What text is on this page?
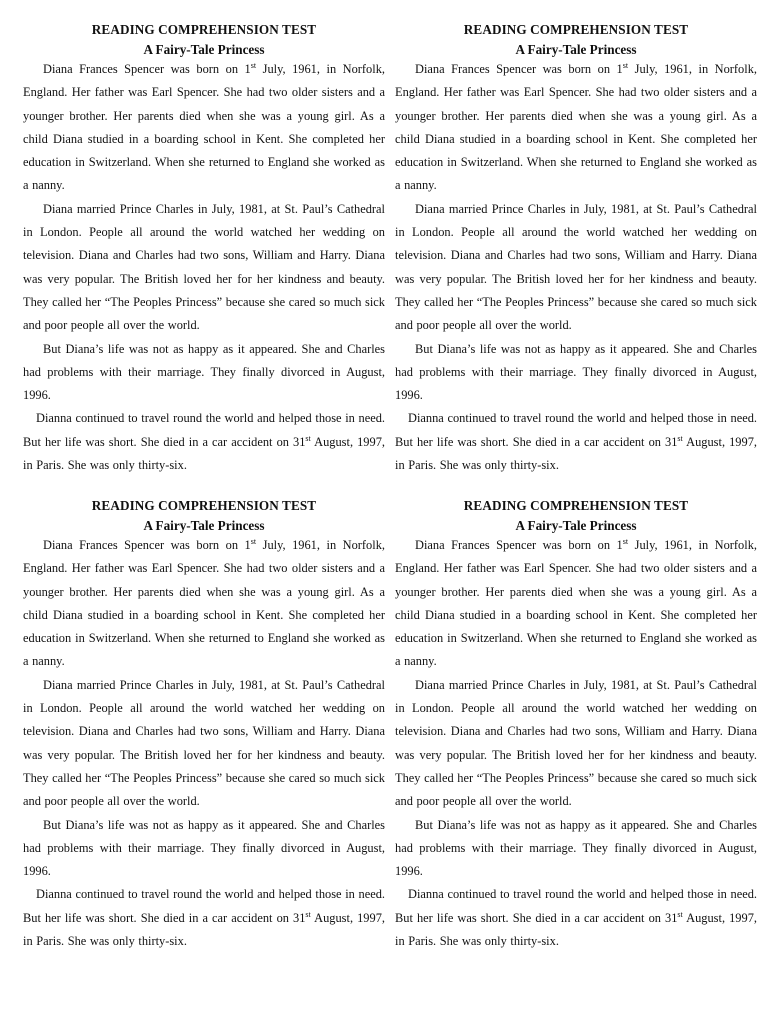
READING COMPREHENSION TEST
A Fairy-Tale Princess

Diana Frances Spencer was born on 1st July, 1961, in Norfolk, England. Her father was Earl Spencer. She had two older sisters and a younger brother. Her parents died when she was a young girl. As a child Diana studied in a boarding school in Kent. She completed her education in Switzerland. When she returned to England she worked as a nanny.

Diana married Prince Charles in July, 1981, at St. Paul’s Cathedral in London. People all around the world watched her wedding on television. Diana and Charles had two sons, William and Harry. Diana was very popular. The British loved her for her kindness and beauty. They called her “The Peoples Princess” because she cared so much sick and poor people all over the world.

But Diana’s life was not as happy as it appeared. She and Charles had problems with their marriage. They finally divorced in August, 1996.

Dianna continued to travel round the world and helped those in need. But her life was short. She died in a car accident on 31st August, 1997, in Paris. She was only thirty-six.

READING COMPREHENSION TEST
A Fairy-Tale Princess

Diana Frances Spencer was born on 1st July, 1961, in Norfolk, England. Her father was Earl Spencer. She had two older sisters and a younger brother. Her parents died when she was a young girl. As a child Diana studied in a boarding school in Kent. She completed her education in Switzerland. When she returned to England she worked as a nanny.

Diana married Prince Charles in July, 1981, at St. Paul’s Cathedral in London. People all around the world watched her wedding on television. Diana and Charles had two sons, William and Harry. Diana was very popular. The British loved her for her kindness and beauty. They called her “The Peoples Princess” because she cared so much sick and poor people all over the world.

But Diana’s life was not as happy as it appeared. She and Charles had problems with their marriage. They finally divorced in August, 1996.

Dianna continued to travel round the world and helped those in need. But her life was short. She died in a car accident on 31st August, 1997, in Paris. She was only thirty-six.

READING COMPREHENSION TEST
A Fairy-Tale Princess

Diana Frances Spencer was born on 1st July, 1961, in Norfolk, England. Her father was Earl Spencer. She had two older sisters and a younger brother. Her parents died when she was a young girl. As a child Diana studied in a boarding school in Kent. She completed her education in Switzerland. When she returned to England she worked as a nanny.

Diana married Prince Charles in July, 1981, at St. Paul’s Cathedral in London. People all around the world watched her wedding on television. Diana and Charles had two sons, William and Harry. Diana was very popular. The British loved her for her kindness and beauty. They called her “The Peoples Princess” because she cared so much sick and poor people all over the world.

But Diana’s life was not as happy as it appeared. She and Charles had problems with their marriage. They finally divorced in August, 1996.

Dianna continued to travel round the world and helped those in need. But her life was short. She died in a car accident on 31st August, 1997, in Paris. She was only thirty-six.

READING COMPREHENSION TEST
A Fairy-Tale Princess

Diana Frances Spencer was born on 1st July, 1961, in Norfolk, England. Her father was Earl Spencer. She had two older sisters and a younger brother. Her parents died when she was a young girl. As a child Diana studied in a boarding school in Kent. She completed her education in Switzerland. When she returned to England she worked as a nanny.

Diana married Prince Charles in July, 1981, at St. Paul’s Cathedral in London. People all around the world watched her wedding on television. Diana and Charles had two sons, William and Harry. Diana was very popular. The British loved her for her kindness and beauty. They called her “The Peoples Princess” because she cared so much sick and poor people all over the world.

But Diana’s life was not as happy as it appeared. She and Charles had problems with their marriage. They finally divorced in August, 1996.

Dianna continued to travel round the world and helped those in need. But her life was short. She died in a car accident on 31st August, 1997, in Paris. She was only thirty-six.
